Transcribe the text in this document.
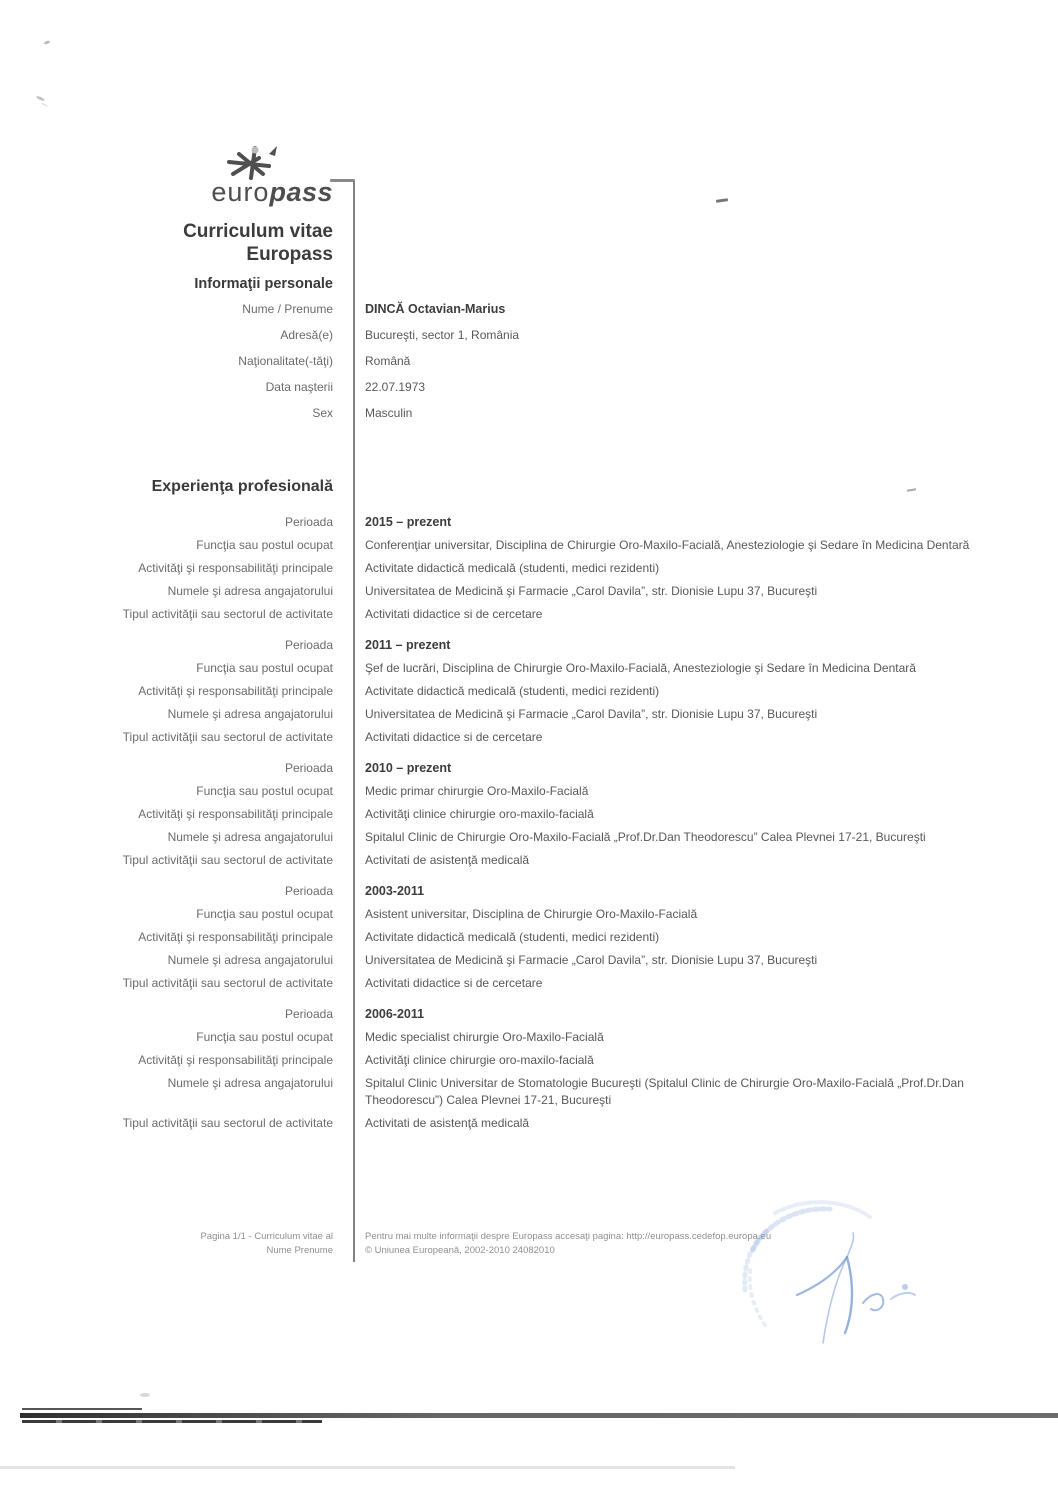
europass
Curriculum vitae
Europass
Informaţii personale
Nume / Prenume	DINCĂ Octavian-Marius
Adresă(e)	Bucureşti, sector 1, România
Naţionalitate(-tăţi)	Română
Data naşterii	22.07.1973
Sex	Masculin
Experienţa profesională
Perioada	2015 – prezent
Funcţia sau postul ocupat	Conferenţiar universitar, Disciplina de Chirurgie Oro-Maxilo-Facială, Anesteziologie şi Sedare în Medicina Dentară
Activităţi şi responsabilităţi principale	Activitate didactică medicală (studenti, medici rezidenti)
Numele şi adresa angajatorului	Universitatea de Medicină şi Farmacie „Carol Davila”, str. Dionisie Lupu 37, Bucureşti
Tipul activităţii sau sectorul de activitate	Activitati didactice si de cercetare
Perioada	2011 – prezent
Funcţia sau postul ocupat	Şef de lucrări, Disciplina de Chirurgie Oro-Maxilo-Facială, Anesteziologie şi Sedare în Medicina Dentară
Activităţi şi responsabilităţi principale	Activitate didactică medicală (studenti, medici rezidenti)
Numele şi adresa angajatorului	Universitatea de Medicină şi Farmacie „Carol Davila”, str. Dionisie Lupu 37, Bucureşti
Tipul activităţii sau sectorul de activitate	Activitati didactice si de cercetare
Perioada	2010 – prezent
Funcţia sau postul ocupat	Medic primar chirurgie Oro-Maxilo-Facială
Activităţi şi responsabilităţi principale	Activităţi clinice chirurgie oro-maxilo-facială
Numele şi adresa angajatorului	Spitalul Clinic de Chirurgie Oro-Maxilo-Facială „Prof.Dr.Dan Theodorescu” Calea Plevnei 17-21, Bucureşti
Tipul activităţii sau sectorul de activitate	Activitati de asistenţă medicală
Perioada	2003-2011
Funcţia sau postul ocupat	Asistent universitar, Disciplina de Chirurgie Oro-Maxilo-Facială
Activităţi şi responsabilităţi principale	Activitate didactică medicală (studenti, medici rezidenti)
Numele şi adresa angajatorului	Universitatea de Medicină şi Farmacie „Carol Davila”, str. Dionisie Lupu 37, Bucureşti
Tipul activităţii sau sectorul de activitate	Activitati didactice si de cercetare
Perioada	2006-2011
Funcţia sau postul ocupat	Medic specialist chirurgie Oro-Maxilo-Facială
Activităţi şi responsabilităţi principale	Activităţi clinice chirurgie oro-maxilo-facială
Numele şi adresa angajatorului	Spitalul Clinic Universitar de Stomatologie Bucureşti (Spitalul Clinic de Chirurgie Oro-Maxilo-Facială „Prof.Dr.Dan Theodorescu”) Calea Plevnei 17-21, Bucureşti
Tipul activităţii sau sectorul de activitate	Activitati de asistenţă medicală
Pagina 1/1 - Curriculum vitae al
Nume Prenume
Pentru mai multe informaţii despre Europass accesaţi pagina: http://europass.cedefop.europa.eu
© Uniunea Europeană, 2002-2010 24082010
